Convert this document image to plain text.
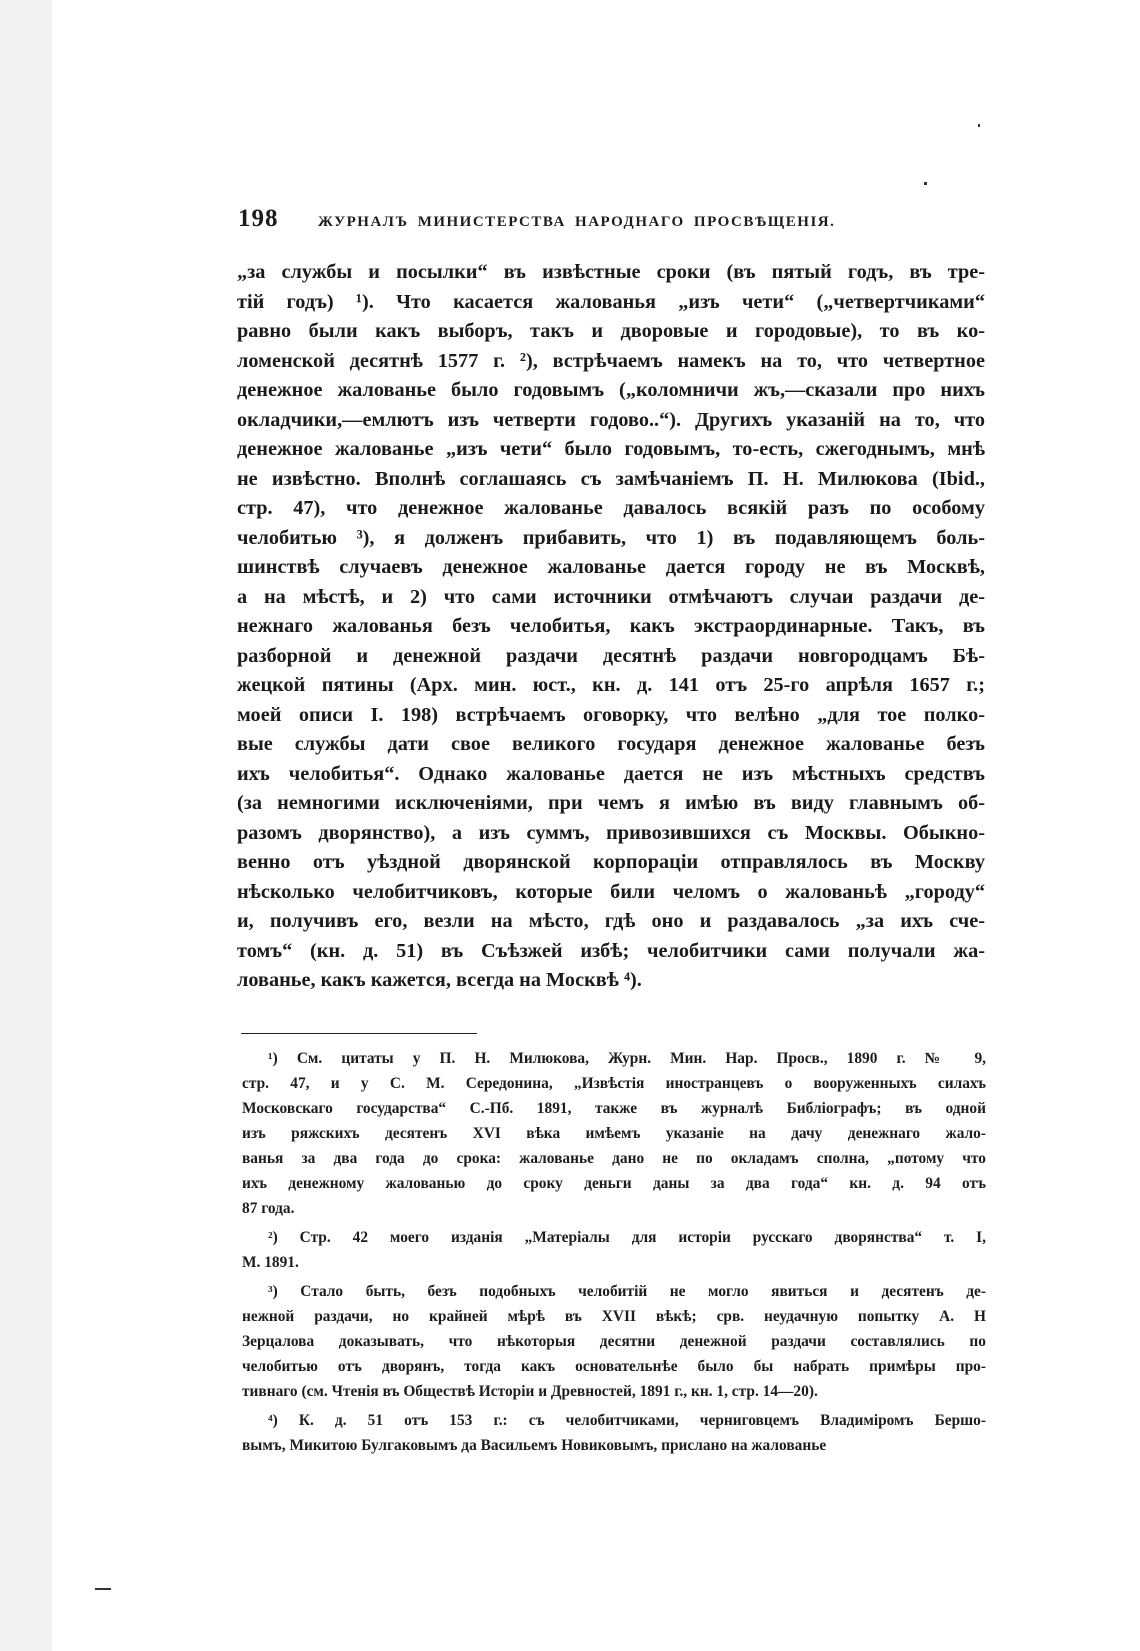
198	ЖУРНАЛЪ МИНИСТЕРСТВА НАРОДНАГО ПРОСВѢЩЕНІЯ.
„за службы и посылки“ въ извѣстные сроки (въ пятый годъ, въ тре-
тій годъ) ¹). Что касается жалованья „изъ чети“ („четвертчиками“
равно были какъ выборъ, такъ и дворовые и городовые), то въ ко-
ломенской десятнѣ 1577 г. ²), встрѣчаемъ намекъ на то, что четвертное
денежное жалованье было годовымъ („коломничи жъ,—сказали про нихъ
окладчики,—емлютъ изъ четверти годово..“). Другихъ указаній на то, что
денежное жалованье „изъ чети“ было годовымъ, то-есть, сжегоднымъ, мнѣ
не извѣстно. Вполнѣ соглашаясь съ замѣчаніемъ П. Н. Милюкова (Ibid.,
стр. 47), что денежное жалованье давалось всякій разъ по особому
челобитью ³), я долженъ прибавить, что 1) въ подавляющемъ боль-
шинствѣ случаевъ денежное жалованье дается городу не въ Москвѣ,
а на мѣстѣ, и 2) что сами источники отмѣчаютъ случаи раздачи де-
нежнаго жалованья безъ челобитья, какъ экстраординарные. Такъ, въ
разборной и денежной раздачи десятнѣ раздачи новгородцамъ Бѣ-
жецкой пятины (Арх. мин. юст., кн. д. 141 отъ 25-го апрѣля 1657 г.;
моей описи I. 198) встрѣчаемъ оговорку, что велѣно „для тое полко-
вые службы дати свое великого государя денежное жалованье безъ
ихъ челобитья“. Однако жалованье дается не изъ мѣстныхъ средствъ
(за немногими исключеніями, при чемъ я имѣю въ виду главнымъ об-
разомъ дворянство), а изъ суммъ, привозившихся съ Москвы. Обыкно-
венно отъ уѣздной дворянской корпораціи отправлялось въ Москву
нѣсколько челобитчиковъ, которые били челомъ о жалованьѣ „городу“
и, получивъ его, везли на мѣсто, гдѣ оно и раздавалось „за ихъ сче-
томъ“ (кн. д. 51) въ Съѣзжей избѣ; челобитчики сами получали жа-
лованье, какъ кажется, всегда на Москвѣ ⁴).
¹) См. цитаты у П. Н. Милюкова, Журн. Мин. Нар. Просв., 1890 г. № 9,
стр. 47, и у С. М. Середонина, „Извѣстія иностранцевъ о вооруженныхъ силахъ
Московскаго государства“ С.-Пб. 1891, также въ журналѣ Библіографъ; въ одной
изъ ряжскихъ десятенъ XVI вѣка имѣемъ указаніе на дачу денежнаго жало-
ванья за два года до срока: жалованье дано не по окладамъ сполна, „потому что
ихъ денежному жалованью до сроку деньги даны за два года“ кн. д. 94 отъ
87 года.
²) Стр. 42 моего изданія „Матеріалы для исторіи русскаго дворянства“ т. I,
М. 1891.
³) Стало быть, безъ подобныхъ челобитій не могло явиться и десятенъ де-
нежной раздачи, но крайней мѣрѣ въ XVII вѣкѣ; срв. неудачную попытку А. Н
Зерцалова доказывать, что нѣкоторыя десятни денежной раздачи составлялись по
челобитью отъ дворянъ, тогда какъ основательнѣе было бы набрать примѣры про-
тивнаго (см. Чтенія въ Обществѣ Исторіи и Древностей, 1891 г., кн. 1, стр. 14—20).
⁴) К. д. 51 отъ 153 г.: съ челобитчиками, черниговцемъ Владиміромъ Бершо-
вымъ, Микитою Булгаковымъ да Васильемъ Новиковымъ, прислано на жалованье
